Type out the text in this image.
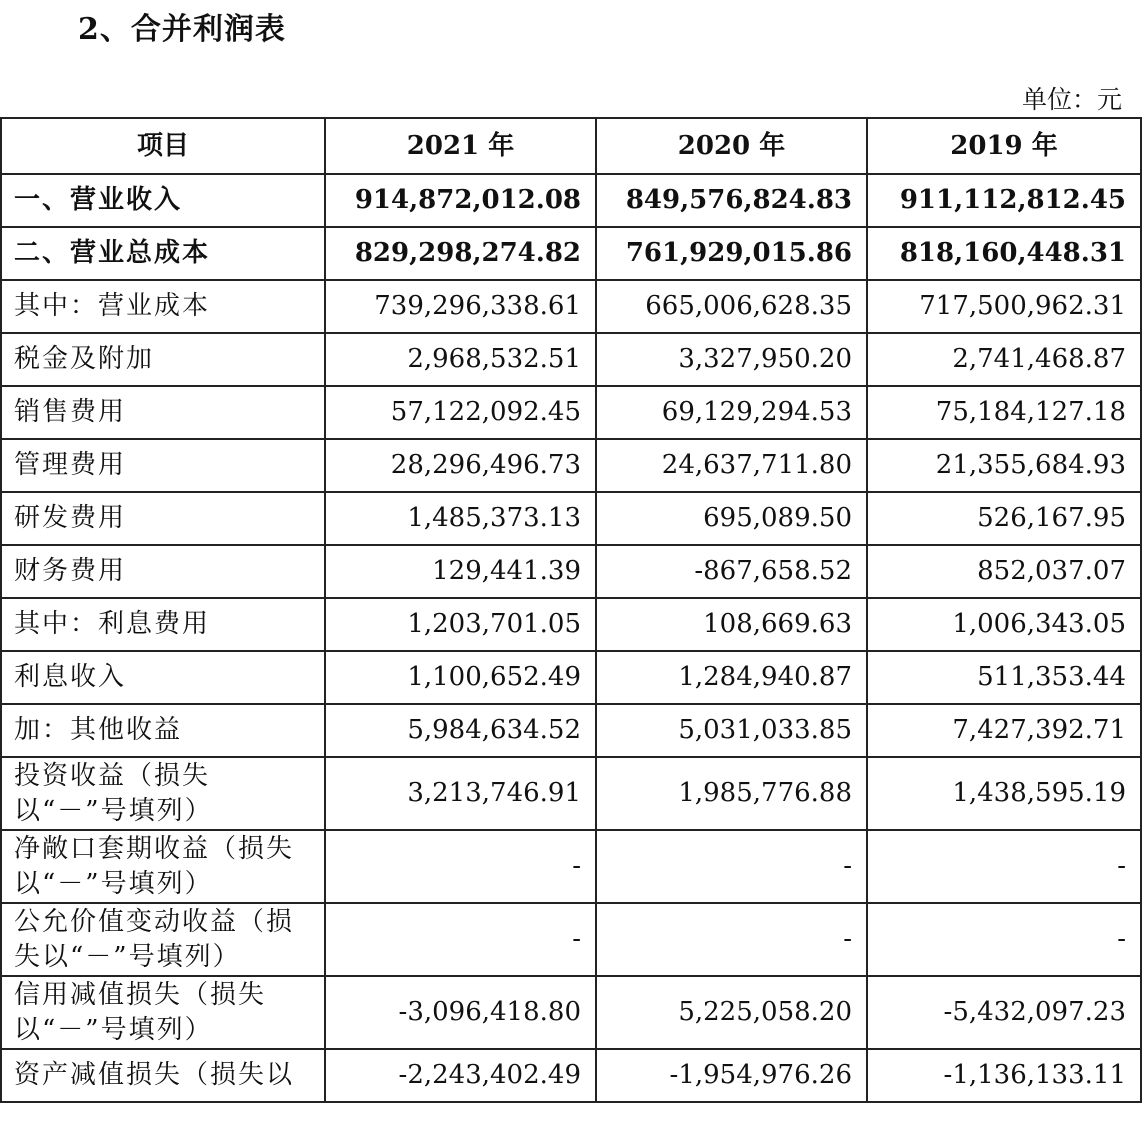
2、合并利润表
单位：元
项目	2021 年	2020 年	2019 年
一、营业收入	914,872,012.08	849,576,824.83	911,112,812.45
二、营业总成本	829,298,274.82	761,929,015.86	818,160,448.31
其中：营业成本	739,296,338.61	665,006,628.35	717,500,962.31
税金及附加	2,968,532.51	3,327,950.20	2,741,468.87
销售费用	57,122,092.45	69,129,294.53	75,184,127.18
管理费用	28,296,496.73	24,637,711.80	21,355,684.93
研发费用	1,485,373.13	695,089.50	526,167.95
财务费用	129,441.39	-867,658.52	852,037.07
其中：利息费用	1,203,701.05	108,669.63	1,006,343.05
利息收入	1,100,652.49	1,284,940.87	511,353.44
加：其他收益	5,984,634.52	5,031,033.85	7,427,392.71
投资收益（损失以“－”号填列）	3,213,746.91	1,985,776.88	1,438,595.19
净敞口套期收益（损失以“－”号填列）	-	-	-
公允价值变动收益（损失以“－”号填列）	-	-	-
信用减值损失（损失以“－”号填列）	-3,096,418.80	5,225,058.20	-5,432,097.23
资产减值损失（损失以	-2,243,402.49	-1,954,976.26	-1,136,133.11
